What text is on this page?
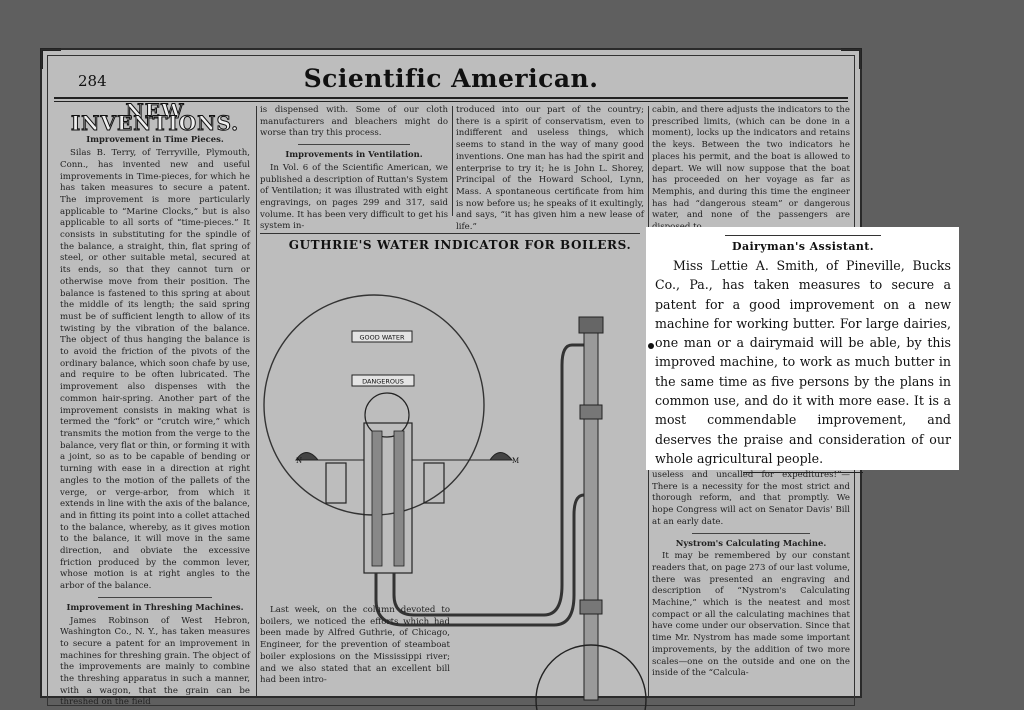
284	Scientific American.
NEW INVENTIONS.
Improvement in Time Pieces.

Silas B. Terry, of Terryville, Plymouth, Conn., has invented new and useful improvements in Time-pieces, for which he has taken measures to secure a patent. The improvement is more particularly applicable to “Marine Clocks,” but is also applicable to all sorts of “time-pieces.” It consists in substituting for the spindle of the balance, a straight, thin, flat spring of steel, or other suitable metal, secured at its ends, so that they cannot turn or otherwise move from their position. The balance is fastened to this spring at about the middle of its length; the said spring must be of sufficient length to allow of its twisting by the vibration of the balance. The object of thus hanging the balance is to avoid the friction of the pivots of the ordinary balance, which soon chafe by use, and require to be often lubricated. The improvement also dispenses with the common hair-spring. Another part of the improvement consists in making what is termed the “fork” or “crutch wire,” which transmits the motion from the verge to the balance, very flat or thin, or forming it with a joint, so as to be capable of bending or turning with ease in a direction at right angles to the motion of the pallets of the verge, or verge-arbor, from which it extends in line with the axis of the balance, and in fitting its point into a collet attached to the balance, whereby, as it gives motion to the balance, it will move in the same direction, and obviate the excessive friction produced by the common lever, whose motion is at right angles to the arbor of the balance.

Improvement in Threshing Machines.

James Robinson of West Hebron, Washington Co., N. Y., has taken measures to secure a patent for an improvement in machines for threshing grain. The object of the improvements are mainly to combine the threshing apparatus in such a manner, with a wagon, that the grain can be threshed on the field

is dispensed with. Some of our cloth manufacturers and bleachers might do worse than try this process.

Improvements in Ventilation.

In Vol. 6 of the Scientific American, we published a description of Ruttan's System of Ventilation; it was illustrated with eight engravings, on pages 299 and 317, said volume. It has been very difficult to get his system in-

troduced into our part of the country; there is a spirit of conservatism, even to indifferent and useless things, which seems to stand in the way of many good inventions. One man has had the spirit and enterprise to try it; he is John L. Shorey, Principal of the Howard School, Lynn, Mass. A spontaneous certificate from him is now before us; he speaks of it exultingly, and says, “it has given him a new lease of life.”

cabin, and there adjusts the indicators to the prescribed limits, (which can be done in a moment), locks up the indicators and retains the keys. Between the two indicators he places his permit, and the boat is allowed to depart. We will now suppose that the boat has proceeded on her voyage as far as Memphis, and during this time the engineer has had “dangerous steam” or dangerous water, and none of the passengers are

useless and uncalled for expeditures!”— There is a necessity for the most strict and thorough reform, and that promptly. We hope Congress will act on Senator Davis' Bill at an early date.

Nystrom's Calculating Machine.

It may be remembered by our constant readers that, on page 273 of our last volume, there was presented an engraving and description of “Nystrom's Calculating Machine,” which is the neatest and most compact or all the calculating machines that have come under our observation. Since that time Mr. Nystrom has made some important improvements, by the addition of two more scales—one on the outside and one on the inside of the “Calcula-

GUTHRIE'S WATER INDICATOR FOR BOILERS.
GOOD WATER
DANGEROUS
N	M

Last week, on the column devoted to boilers, we noticed the efforts which had been made by Alfred Guthrie, of Chicago, Engineer, for the prevention of steamboat boiler explosions on the Mississippi river; and we also stated that an excellent bill had been intro-

Dairyman's Assistant.

Miss Lettie A. Smith, of Pineville, Bucks Co., Pa., has taken measures to secure a patent for a good improvement on a new machine for working butter. For large dairies, one man or a dairymaid will be able, by this improved machine, to work as much butter in the same time as five persons by the plans in common use, and do it with more ease. It is a most commendable improvement, and deserves the praise and consideration of our whole agricultural people.
